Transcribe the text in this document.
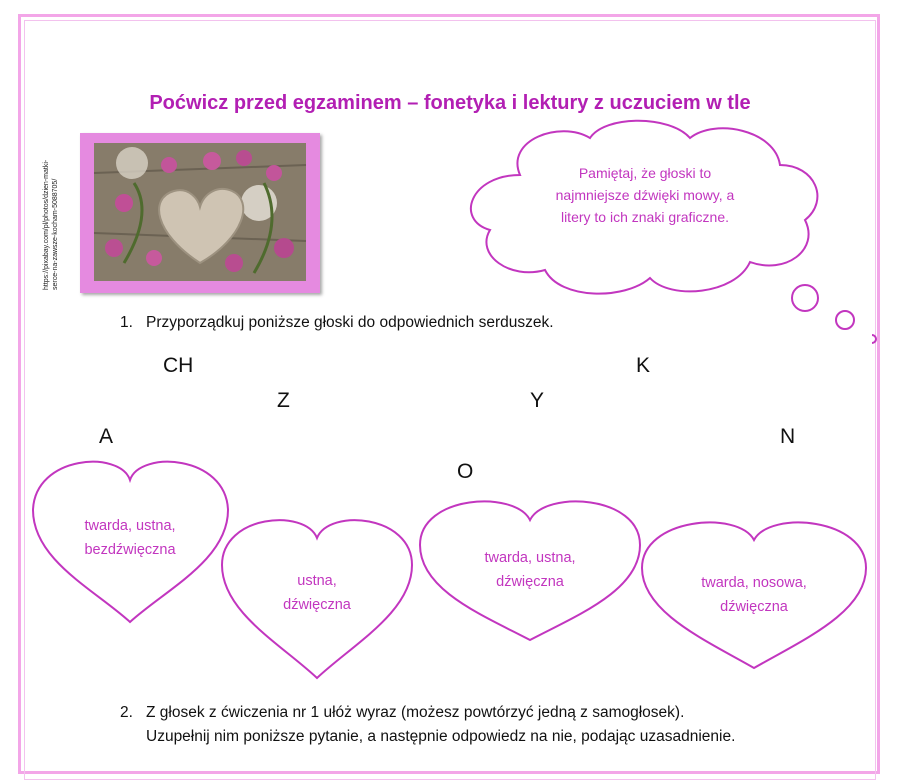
Poćwicz przed egzaminem – fonetyka i lektury z uczuciem w tle
https://pixabay.com/pl/photos/dzien-matki-serce-na-zawsze-kocham-5088705/
Pamiętaj, że głoski to
najmniejsze dźwięki mowy, a
litery to ich znaki graficzne.
1. Przyporządkuj poniższe głoski do odpowiednich serduszek.
CH	K
Z	Y
A	N
O
twarda, ustna,
bezdźwięczna
ustna,
dźwięczna
twarda, ustna,
dźwięczna	twarda, nosowa,
dźwięczna
2. Z głosek z ćwiczenia nr 1 ułóż wyraz (możesz powtórzyć jedną z samogłosek).
Uzupełnij nim poniższe pytanie, a następnie odpowiedz na nie, podając uzasadnienie.
